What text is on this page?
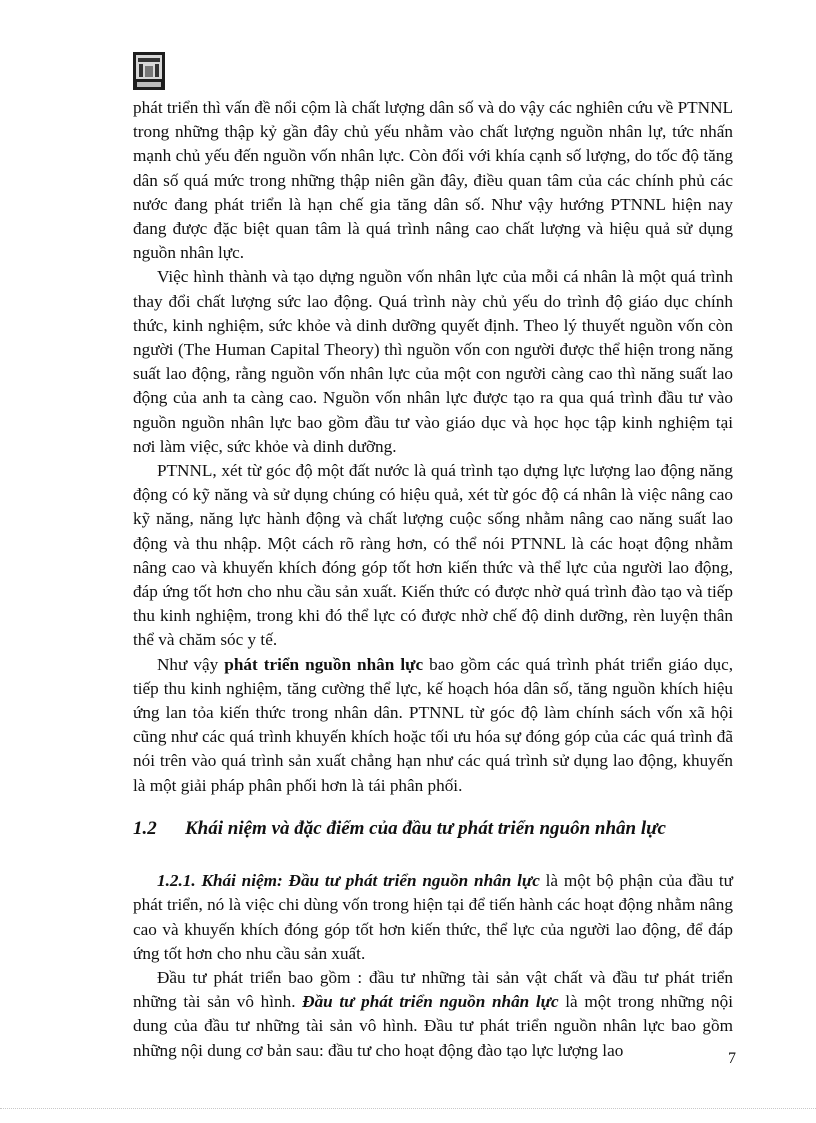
phát triển thì vấn đề nổi cộm là chất lượng dân số và do vậy các nghiên cứu về PTNNL trong những thập kỷ gần đây chủ yếu nhằm vào chất lượng nguồn nhân lự, tức nhấn mạnh chủ yếu đến nguồn vốn nhân lực. Còn đối với khía cạnh số lượng, do tốc độ tăng dân số quá mức trong những thập niên gần đây, điều quan tâm của các chính phủ các nước đang phát triển là hạn chế gia tăng dân số. Như vậy hướng PTNNL hiện nay đang được đặc biệt quan tâm là quá trình nâng cao chất lượng và hiệu quả sử dụng nguồn nhân lực.

Việc hình thành và tạo dựng nguồn vốn nhân lực của mỗi cá nhân là một quá trình thay đổi chất lượng sức lao động. Quá trình này chủ yếu do trình độ giáo dục chính thức, kinh nghiệm, sức khỏe và dinh dưỡng quyết định. Theo lý thuyết nguồn vốn còn người (The Human Capital Theory) thì nguồn vốn con người được thể hiện trong năng suất lao động, rằng nguồn vốn nhân lực của một con người càng cao thì năng suất lao động của anh ta càng cao. Nguồn vốn nhân lực được tạo ra qua quá trình đầu tư vào nguồn nguồn nhân lực bao gồm đầu tư vào giáo dục và học học tập kinh nghiệm tại nơi làm việc, sức khỏe và dinh dưỡng.

PTNNL, xét từ góc độ một đất nước là quá trình tạo dựng lực lượng lao động năng động có kỹ năng và sử dụng chúng có hiệu quả, xét từ góc độ cá nhân là việc nâng cao kỹ năng, năng lực hành động và chất lượng cuộc sống nhằm nâng cao năng suất lao động và thu nhập. Một cách rõ ràng hơn, có thể nói PTNNL là các hoạt động nhằm nâng cao và khuyến khích đóng góp tốt hơn kiến thức và thể lực của người lao động, đáp ứng tốt hơn cho nhu cầu sản xuất. Kiến thức có được nhờ quá trình đào tạo và tiếp thu kinh nghiệm, trong khi đó thể lực có được nhờ chế độ dinh dưỡng, rèn luyện thân thể và chăm sóc y tế.

Như vậy phát triển nguồn nhân lực bao gồm các quá trình phát triển giáo dục, tiếp thu kinh nghiệm, tăng cường thể lực, kế hoạch hóa dân số, tăng nguồn khích hiệu ứng lan tỏa kiến thức trong nhân dân. PTNNL từ góc độ làm chính sách vốn xã hội cũng như các quá trình khuyến khích hoặc tối ưu hóa sự đóng góp của các quá trình đã nói trên vào quá trình sản xuất chẳng hạn như các quá trình sử dụng lao động, khuyến là một giải pháp phân phối hơn là tái phân phối.

1.2 Khái niệm và đặc điểm của đầu tư phát triển nguôn nhân lực

1.2.1. Khái niệm: Đầu tư phát triển nguồn nhân lực là một bộ phận của đầu tư phát triển, nó là việc chi dùng vốn trong hiện tại để tiến hành các hoạt động nhằm nâng cao và khuyến khích đóng góp tốt hơn kiến thức, thể lực của người lao động, để đáp ứng tốt hơn cho nhu cầu sản xuất.

Đầu tư phát triển bao gồm : đầu tư những tài sản vật chất và đầu tư phát triển những tài sản vô hình. Đầu tư phát triển nguồn nhân lực là một trong những nội dung của đầu tư những tài sản vô hình. Đầu tư phát triển nguồn nhân lực bao gồm những nội dung cơ bản sau: đầu tư cho hoạt động đào tạo lực lượng lao	7
